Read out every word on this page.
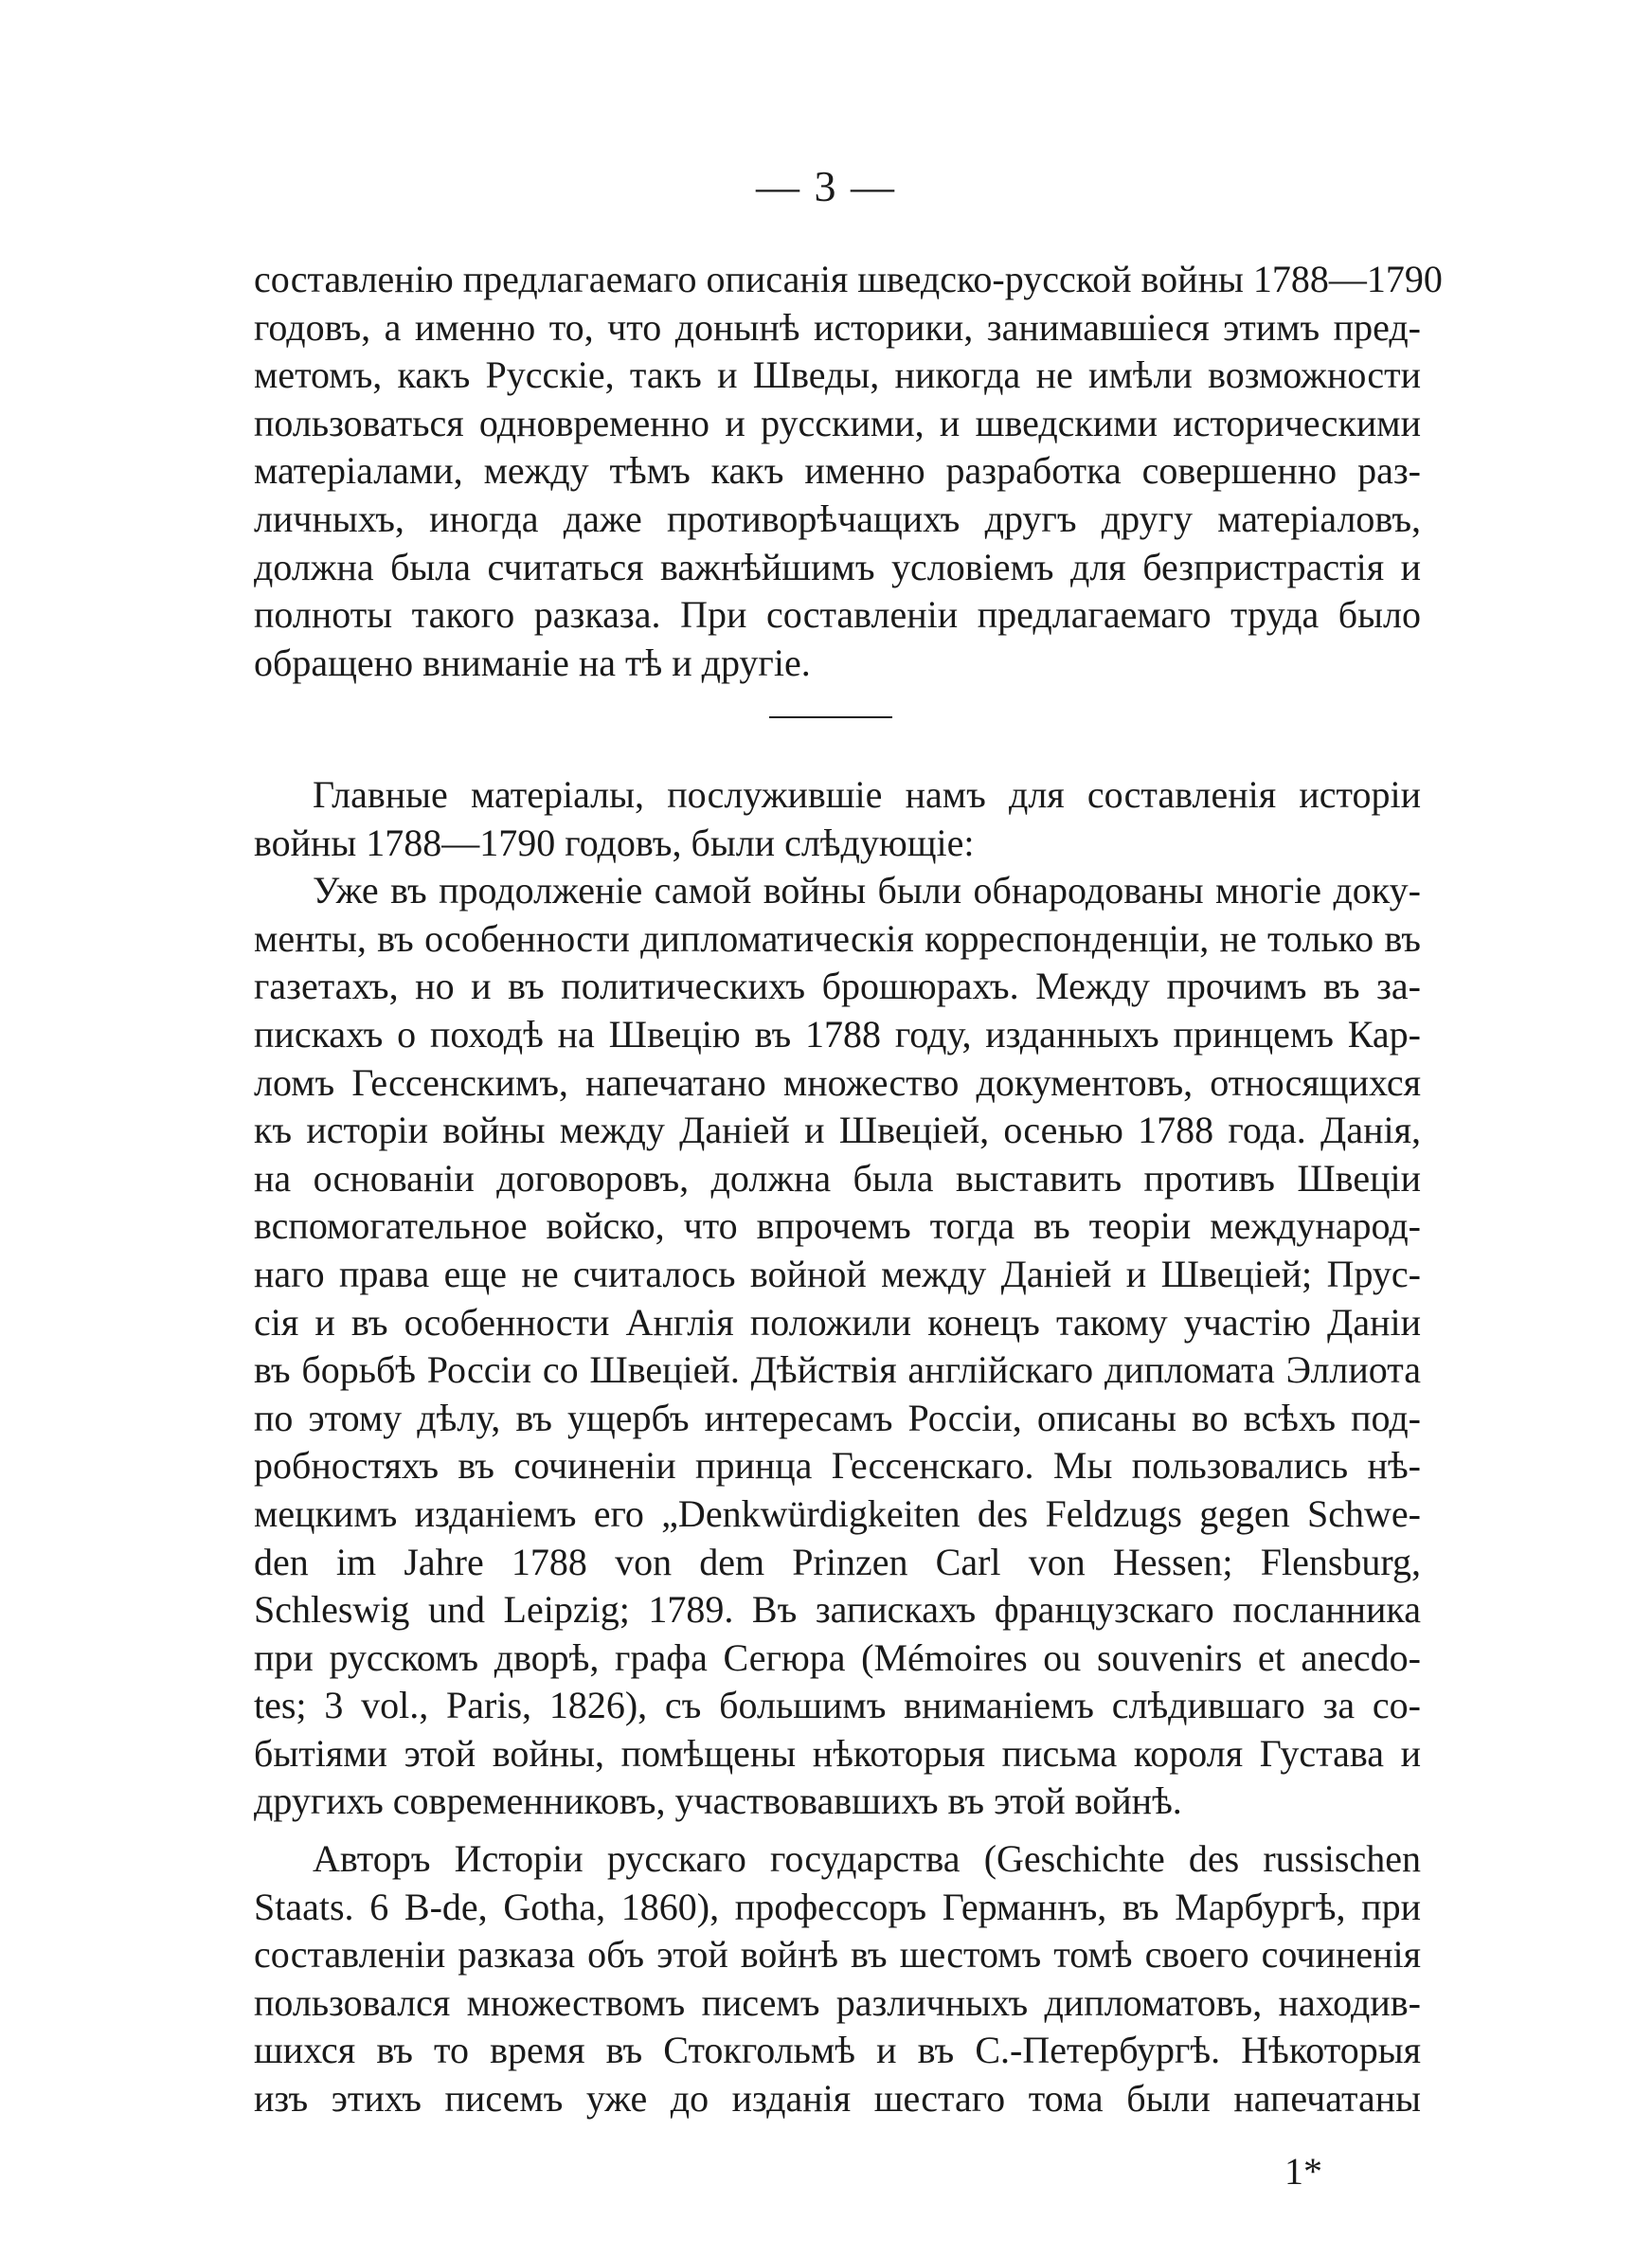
— 3 —
составленію предлагаемаго описанія шведско-русской войны 1788—1790
годовъ, а именно то, что донынѣ историки, занимавшіеся этимъ пред-
метомъ, какъ Русскіе, такъ и Шведы, никогда не имѣли возможности
пользоваться одновременно и русскими, и шведскими историческими
матеріалами, между тѣмъ какъ именно разработка совершенно раз-
личныхъ, иногда даже противорѣчащихъ другъ другу матеріаловъ,
должна была считаться важнѣйшимъ условіемъ для безпристрастія и
полноты такого разказа. При составленіи предлагаемаго труда было
обращено вниманіе на тѣ и другіе.
Главные матеріалы, послужившіе намъ для составленія исторіи
войны 1788—1790 годовъ, были слѣдующіе:
Уже въ продолженіе самой войны были обнародованы многіе доку-
менты, въ особенности дипломатическія корреспонденціи, не только въ
газетахъ, но и въ политическихъ брошюрахъ. Между прочимъ въ за-
пискахъ о походѣ на Швецію въ 1788 году, изданныхъ принцемъ Кар-
ломъ Гессенскимъ, напечатано множество документовъ, относящихся
къ исторіи войны между Даніей и Швеціей, осенью 1788 года. Данія,
на основаніи договоровъ, должна была выставить противъ Швеціи
вспомогательное войско, что впрочемъ тогда въ теоріи международ-
наго права еще не считалось войной между Даніей и Швеціей; Прус-
сія и въ особенности Англія положили конецъ такому участію Даніи
въ борьбѣ Россіи со Швеціей. Дѣйствія англійскаго дипломата Эллиота
по этому дѣлу, въ ущербъ интересамъ Россіи, описаны во всѣхъ под-
робностяхъ въ сочиненіи принца Гессенскаго. Мы пользовались нѣ-
мецкимъ изданіемъ его „Denkwürdigkeiten des Feldzugs gegen Schwe-
den im Jahre 1788 von dem Prinzen Carl von Hessen; Flensburg,
Schleswig und Leipzig; 1789. Въ запискахъ французскаго посланника
при русскомъ дворѣ, графа Сегюра (Mémoires ou souvenirs et anecdo-
tes; 3 vol., Paris, 1826), съ большимъ вниманіемъ слѣдившаго за со-
бытіями этой войны, помѣщены нѣкоторыя письма короля Густава и
другихъ современниковъ, участвовавшихъ въ этой войнѣ.
Авторъ Исторіи русскаго государства (Geschichte des russischen
Staats. 6 B-de, Gotha, 1860), профессоръ Германнъ, въ Марбургѣ, при
составленіи разказа объ этой войнѣ въ шестомъ томѣ своего сочиненія
пользовался множествомъ писемъ различныхъ дипломатовъ, находив-
шихся въ то время въ Стокгольмѣ и въ С.-Петербургѣ. Нѣкоторыя
изъ этихъ писемъ уже до изданія шестаго тома были напечатаны
1*
